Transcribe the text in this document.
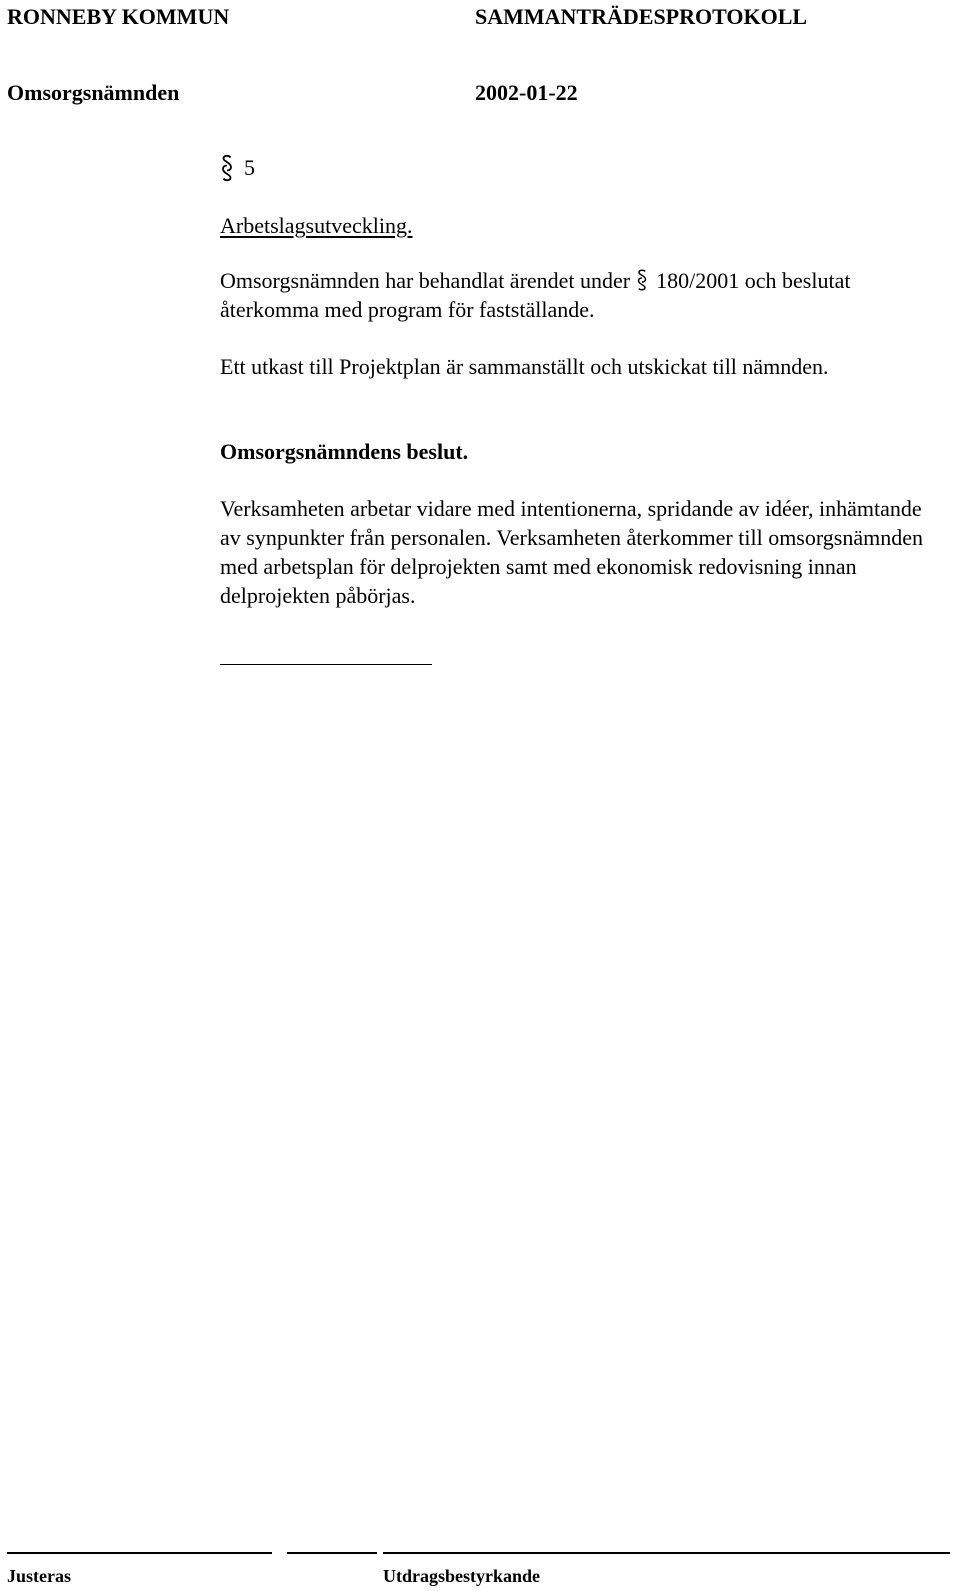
RONNEBY KOMMUN	SAMMANTRÄDESPROTOKOLL
Omsorgsnämnden	2002-01-22
5
Arbetslagsutveckling.
Omsorgsnämnden har behandlat ärendet under 180/2001 och beslutat återkomma med program för fastställande.
Ett utkast till Projektplan är sammanställt och utskickat till nämnden.
Omsorgsnämndens beslut.
Verksamheten arbetar vidare med intentionerna, spridande av idéer, inhämtande av synpunkter från personalen. Verksamheten återkommer till omsorgsnämnden med arbetsplan för delprojekten samt med ekonomisk redovisning innan delprojekten påbörjas.
Justeras	Utdragsbestyrkande
